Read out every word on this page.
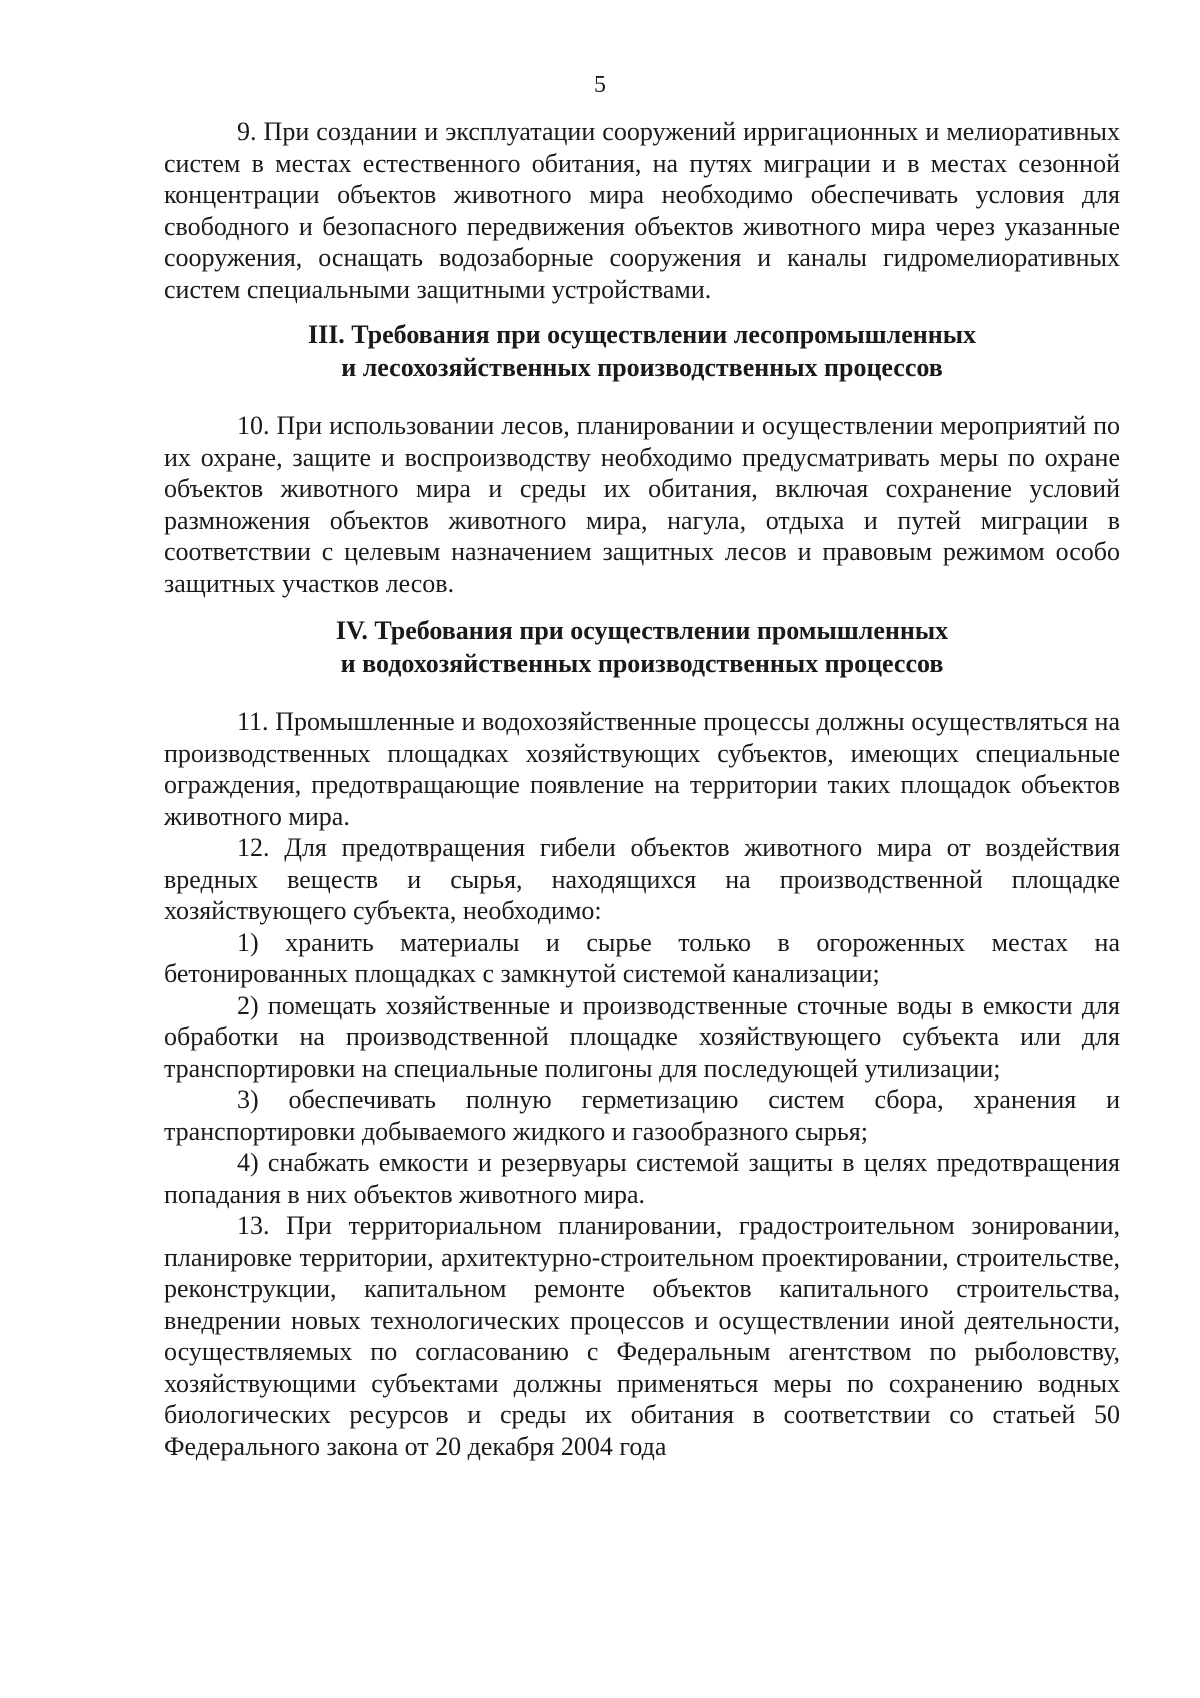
5

9. При создании и эксплуатации сооружений ирригационных и мелиоративных систем в местах естественного обитания, на путях миграции и в местах сезонной концентрации объектов животного мира необходимо обеспечивать условия для свободного и безопасного передвижения объектов животного мира через указанные сооружения, оснащать водозаборные сооружения и каналы гидромелиоративных систем специальными защитными устройствами.

III. Требования при осуществлении лесопромышленных
и лесохозяйственных производственных процессов

10. При использовании лесов, планировании и осуществлении мероприятий по их охране, защите и воспроизводству необходимо предусматривать меры по охране объектов животного мира и среды их обитания, включая сохранение условий размножения объектов животного мира, нагула, отдыха и путей миграции в соответствии с целевым назначением защитных лесов и правовым режимом особо защитных участков лесов.

IV. Требования при осуществлении промышленных
и водохозяйственных производственных процессов

11. Промышленные и водохозяйственные процессы должны осуществляться на производственных площадках хозяйствующих субъектов, имеющих специальные ограждения, предотвращающие появление на территории таких площадок объектов животного мира.

12. Для предотвращения гибели объектов животного мира от воздействия вредных веществ и сырья, находящихся на производственной площадке хозяйствующего субъекта, необходимо:

1) хранить материалы и сырье только в огороженных местах на бетонированных площадках с замкнутой системой канализации;

2) помещать хозяйственные и производственные сточные воды в емкости для обработки на производственной площадке хозяйствующего субъекта или для транспортировки на специальные полигоны для последующей утилизации;

3) обеспечивать полную герметизацию систем сбора, хранения и транспортировки добываемого жидкого и газообразного сырья;

4) снабжать емкости и резервуары системой защиты в целях предотвращения попадания в них объектов животного мира.

13. При территориальном планировании, градостроительном зонировании, планировке территории, архитектурно-строительном проектировании, строительстве, реконструкции, капитальном ремонте объектов капитального строительства, внедрении новых технологических процессов и осуществлении иной деятельности, осуществляемых по согласованию с Федеральным агентством по рыболовству, хозяйствующими субъектами должны применяться меры по сохранению водных биологических ресурсов и среды их обитания в соответствии со статьей 50 Федерального закона от 20 декабря 2004 года
